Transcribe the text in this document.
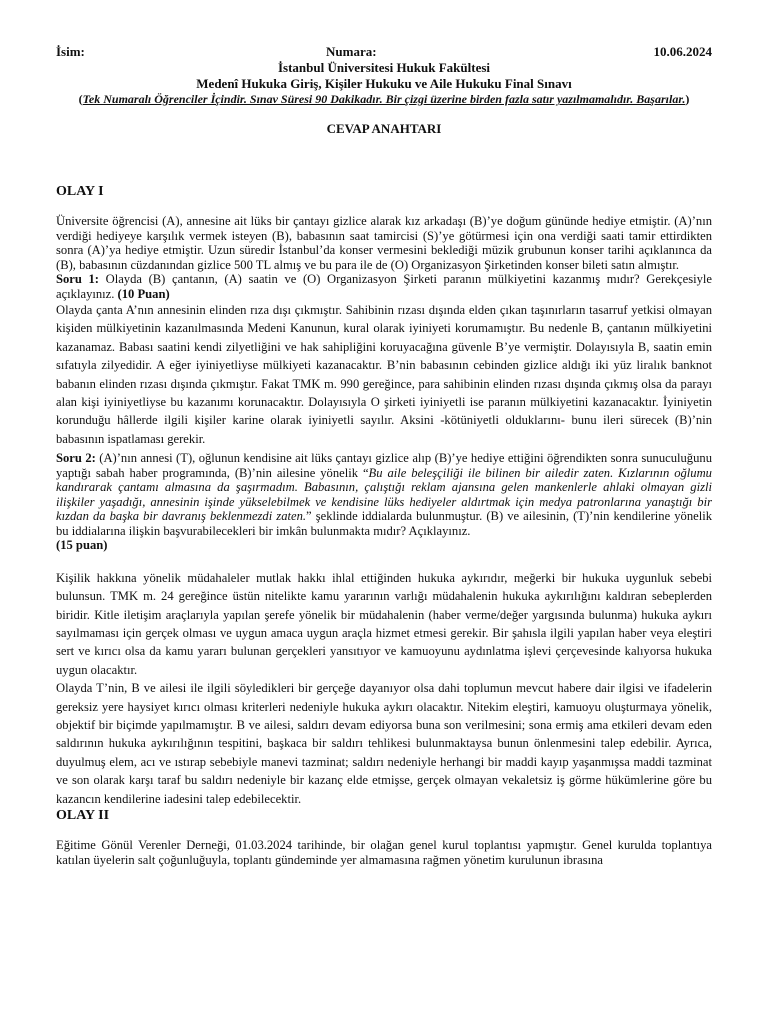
İsim:	Numara:	10.06.2024
İstanbul Üniversitesi Hukuk Fakültesi
Medenî Hukuka Giriş, Kişiler Hukuku ve Aile Hukuku Final Sınavı
(Tek Numaralı Öğrenciler İçindir. Sınav Süresi 90 Dakikadır. Bir çizgi üzerine birden fazla satır yazılmamalıdır. Başarılar.)
CEVAP ANAHTARI
OLAY I

Üniversite öğrencisi (A), annesine ait lüks bir çantayı gizlice alarak kız arkadaşı (B)’ye doğum gününde hediye etmiştir. (A)’nın verdiği hediyeye karşılık vermek isteyen (B), babasının saat tamircisi (S)’ye götürmesi için ona verdiği saati tamir ettirdikten sonra (A)’ya hediye etmiştir. Uzun süredir İstanbul’da konser vermesini beklediği müzik grubunun konser tarihi açıklanınca da (B), babasının cüzdanından gizlice 500 TL almış ve bu para ile de (O) Organizasyon Şirketinden konser bileti satın almıştır.

Soru 1: Olayda (B) çantanın, (A) saatin ve (O) Organizasyon Şirketi paranın mülkiyetini kazanmış mıdır? Gerekçesiyle açıklayınız. (10 Puan)

Olayda çanta A’nın annesinin elinden rıza dışı çıkmıştır. Sahibinin rızası dışında elden çıkan taşınırların tasarruf yetkisi olmayan kişiden mülkiyetinin kazanılmasında Medeni Kanunun, kural olarak iyiniyeti korumamıştır. Bu nedenle B, çantanın mülkiyetini kazanamaz. Babası saatini kendi zilyetliğini ve hak sahipliğini koruyacağına güvenle B’ye vermiştir. Dolayısıyla B, saatin emin sıfatıyla zilyedidir. A eğer iyiniyetliyse mülkiyeti kazanacaktır. B’nin babasının cebinden gizlice aldığı iki yüz liralık banknot babanın elinden rızası dışında çıkmıştır. Fakat TMK m. 990 gereğince, para sahibinin elinden rızası dışında çıkmış olsa da parayı alan kişi iyiniyetliyse bu kazanımı korunacaktır. Dolayısıyla O şirketi iyiniyetli ise paranın mülkiyetini kazanacaktır. İyiniyetin korunduğu hâllerde ilgili kişiler karine olarak iyiniyetli sayılır. Aksini -kötüniyetli olduklarını- bunu ileri sürecek (B)’nin babasının ispatlaması gerekir.

Soru 2: (A)’nın annesi (T), oğlunun kendisine ait lüks çantayı gizlice alıp (B)’ye hediye ettiğini öğrendikten sonra sunuculuğunu yaptığı sabah haber programında, (B)’nin ailesine yönelik “Bu aile beleşçiliği ile bilinen bir ailedir zaten. Kızlarının oğlumu kandırarak çantamı almasına da şaşırmadım. Babasının, çalıştığı reklam ajansına gelen mankenlerle ahlaki olmayan gizli ilişkiler yaşadığı, annesinin işinde yükselebilmek ve kendisine lüks hediyeler aldırtmak için medya patronlarına yanaştığı bir kızdan da başka bir davranış beklenmezdi zaten.” şeklinde iddialarda bulunmuştur. (B) ve ailesinin, (T)’nin kendilerine yönelik bu iddialarına ilişkin başvurabilecekleri bir imkân bulunmakta mıdır? Açıklayınız.
(15 puan)

Kişilik hakkına yönelik müdahaleler mutlak hakkı ihlal ettiğinden hukuka aykırıdır, meğerki bir hukuka uygunluk sebebi bulunsun. TMK m. 24 gereğince üstün nitelikte kamu yararının varlığı müdahalenin hukuka aykırılığını kaldıran sebeplerden biridir. Kitle iletişim araçlarıyla yapılan şerefe yönelik bir müdahalenin (haber verme/değer yargısında bulunma) hukuka aykırı sayılmaması için gerçek olması ve uygun amaca uygun araçla hizmet etmesi gerekir. Bir şahısla ilgili yapılan haber veya eleştiri sert ve kırıcı olsa da kamu yararı bulunan gerçekleri yansıtıyor ve kamuoyunu aydınlatma işlevi çerçevesinde kalıyorsa hukuka uygun olacaktır.

Olayda T’nin, B ve ailesi ile ilgili söyledikleri bir gerçeğe dayanıyor olsa dahi toplumun mevcut habere dair ilgisi ve ifadelerin gereksiz yere haysiyet kırıcı olması kriterleri nedeniyle hukuka aykırı olacaktır. Nitekim eleştiri, kamuoyu oluşturmaya yönelik, objektif bir biçimde yapılmamıştır. B ve ailesi, saldırı devam ediyorsa buna son verilmesini; sona ermiş ama etkileri devam eden saldırının hukuka aykırılığının tespitini, başkaca bir saldırı tehlikesi bulunmaktaysa bunun önlenmesini talep edebilir. Ayrıca, duyulmuş elem, acı ve ıstırap sebebiyle manevi tazminat; saldırı nedeniyle herhangi bir maddi kayıp yaşanmışsa maddi tazminat ve son olarak karşı taraf bu saldırı nedeniyle bir kazanç elde etmişse, gerçek olmayan vekaletsiz iş görme hükümlerine göre bu kazancın kendilerine iadesini talep edebilecektir.

OLAY II

Eğitime Gönül Verenler Derneği, 01.03.2024 tarihinde, bir olağan genel kurul toplantısı yapmıştır. Genel kurulda toplantıya katılan üyelerin salt çoğunluğuyla, toplantı gündeminde yer almamasına rağmen yönetim kurulunun ibrasına
